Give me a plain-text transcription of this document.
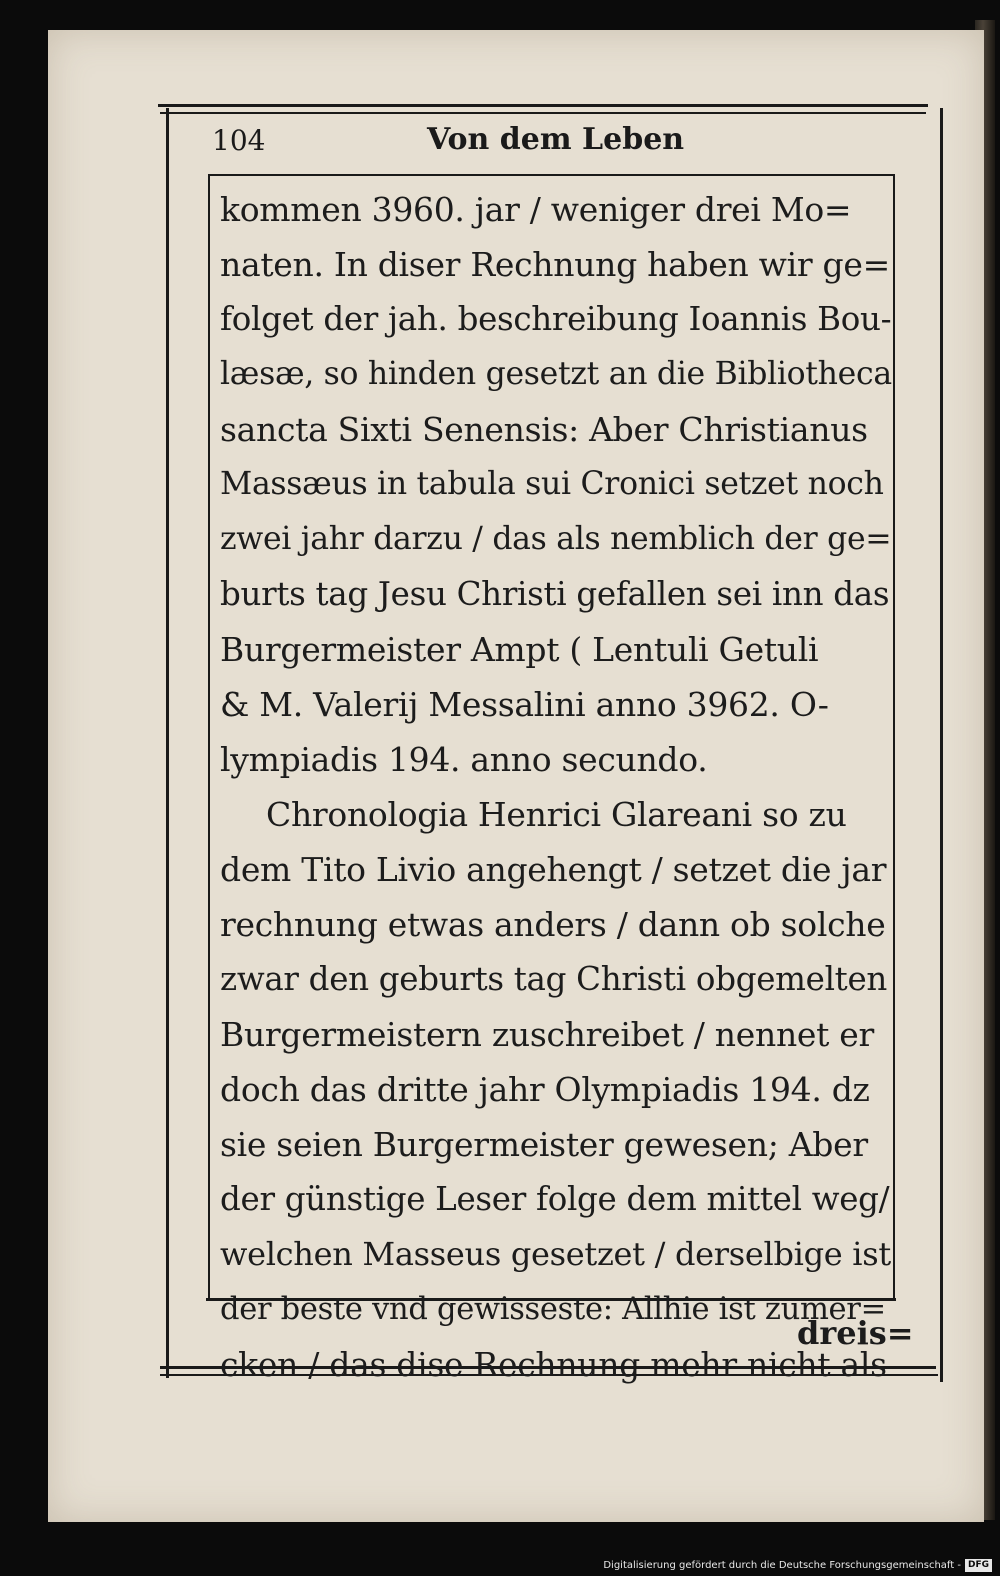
104	Von dem Leben
kommen 3960. jar / weniger drei Mo=
naten. In diser Rechnung haben wir ge=
folget der jah. beschreibung Ioannis Bou-
læsæ, so hinden gesetzt an die Bibliotheca
sancta Sixti Senensis: Aber Christianus
Massæus in tabula sui Cronici setzet noch
zwei jahr darzu / das als nemblich der ge=
burts tag Jesu Christi gefallen sei inn das
Burgermeister Ampt ( Lentuli Getuli
& M. Valerij Messalini anno 3962. O-
lympiadis 194. anno secundo.
Chronologia Henrici Glareani so zu
dem Tito Livio angehengt / setzet die jar
rechnung etwas anders / dann ob solche
zwar den geburts tag Christi obgemelten
Burgermeistern zuschreibet / nennet er
doch das dritte jahr Olympiadis 194. dz
sie seien Burgermeister gewesen; Aber
der günstige Leser folge dem mittel weg/
welchen Masseus gesetzet / derselbige ist
der beste vnd gewisseste: Allhie ist zumer=
cken / das dise Rechnung mehr nicht als
dreis=
Digitalisierung gefördert durch die Deutsche Forschungsgemeinschaft - DFG
